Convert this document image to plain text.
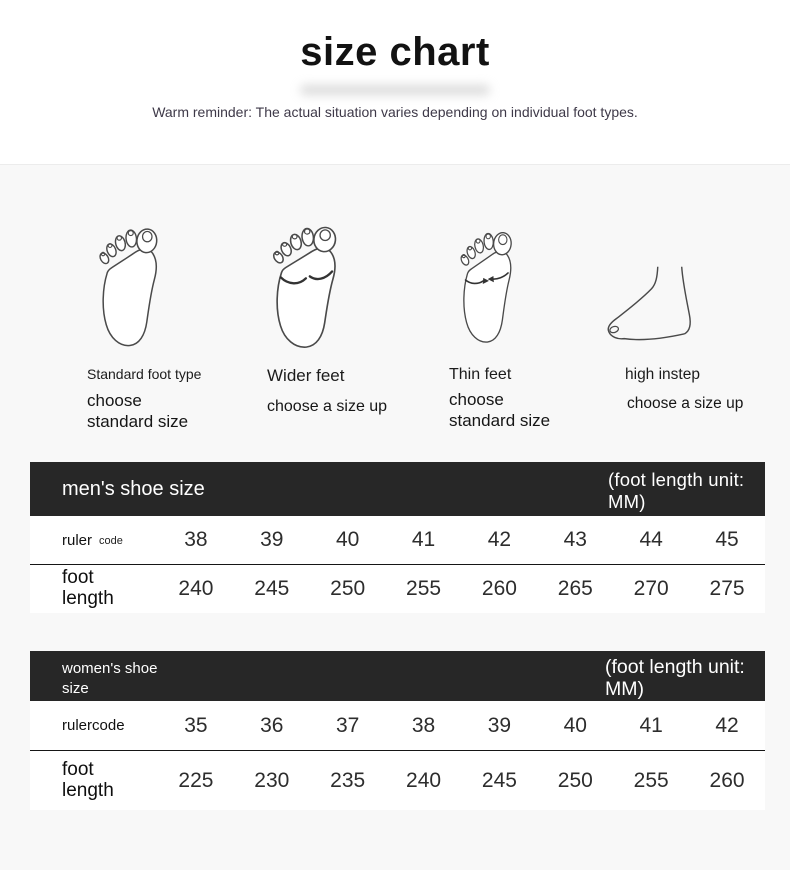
size chart
Warm reminder: The actual situation varies depending on individual foot types.
Standard foot type
choose standard size
Wider feet
choose a size up
Thin feet
choose standard size
high instep
choose a size up
men's shoe size	(foot length unit: MM)
ruler code	38	39	40	41	42	43	44	45
foot length	240	245	250	255	260	265	270	275
women's shoe size
(foot length unit: MM)
rulercode	35	36	37	38	39	40	41	42
foot length	225	230	235	240	245	250	255	260
